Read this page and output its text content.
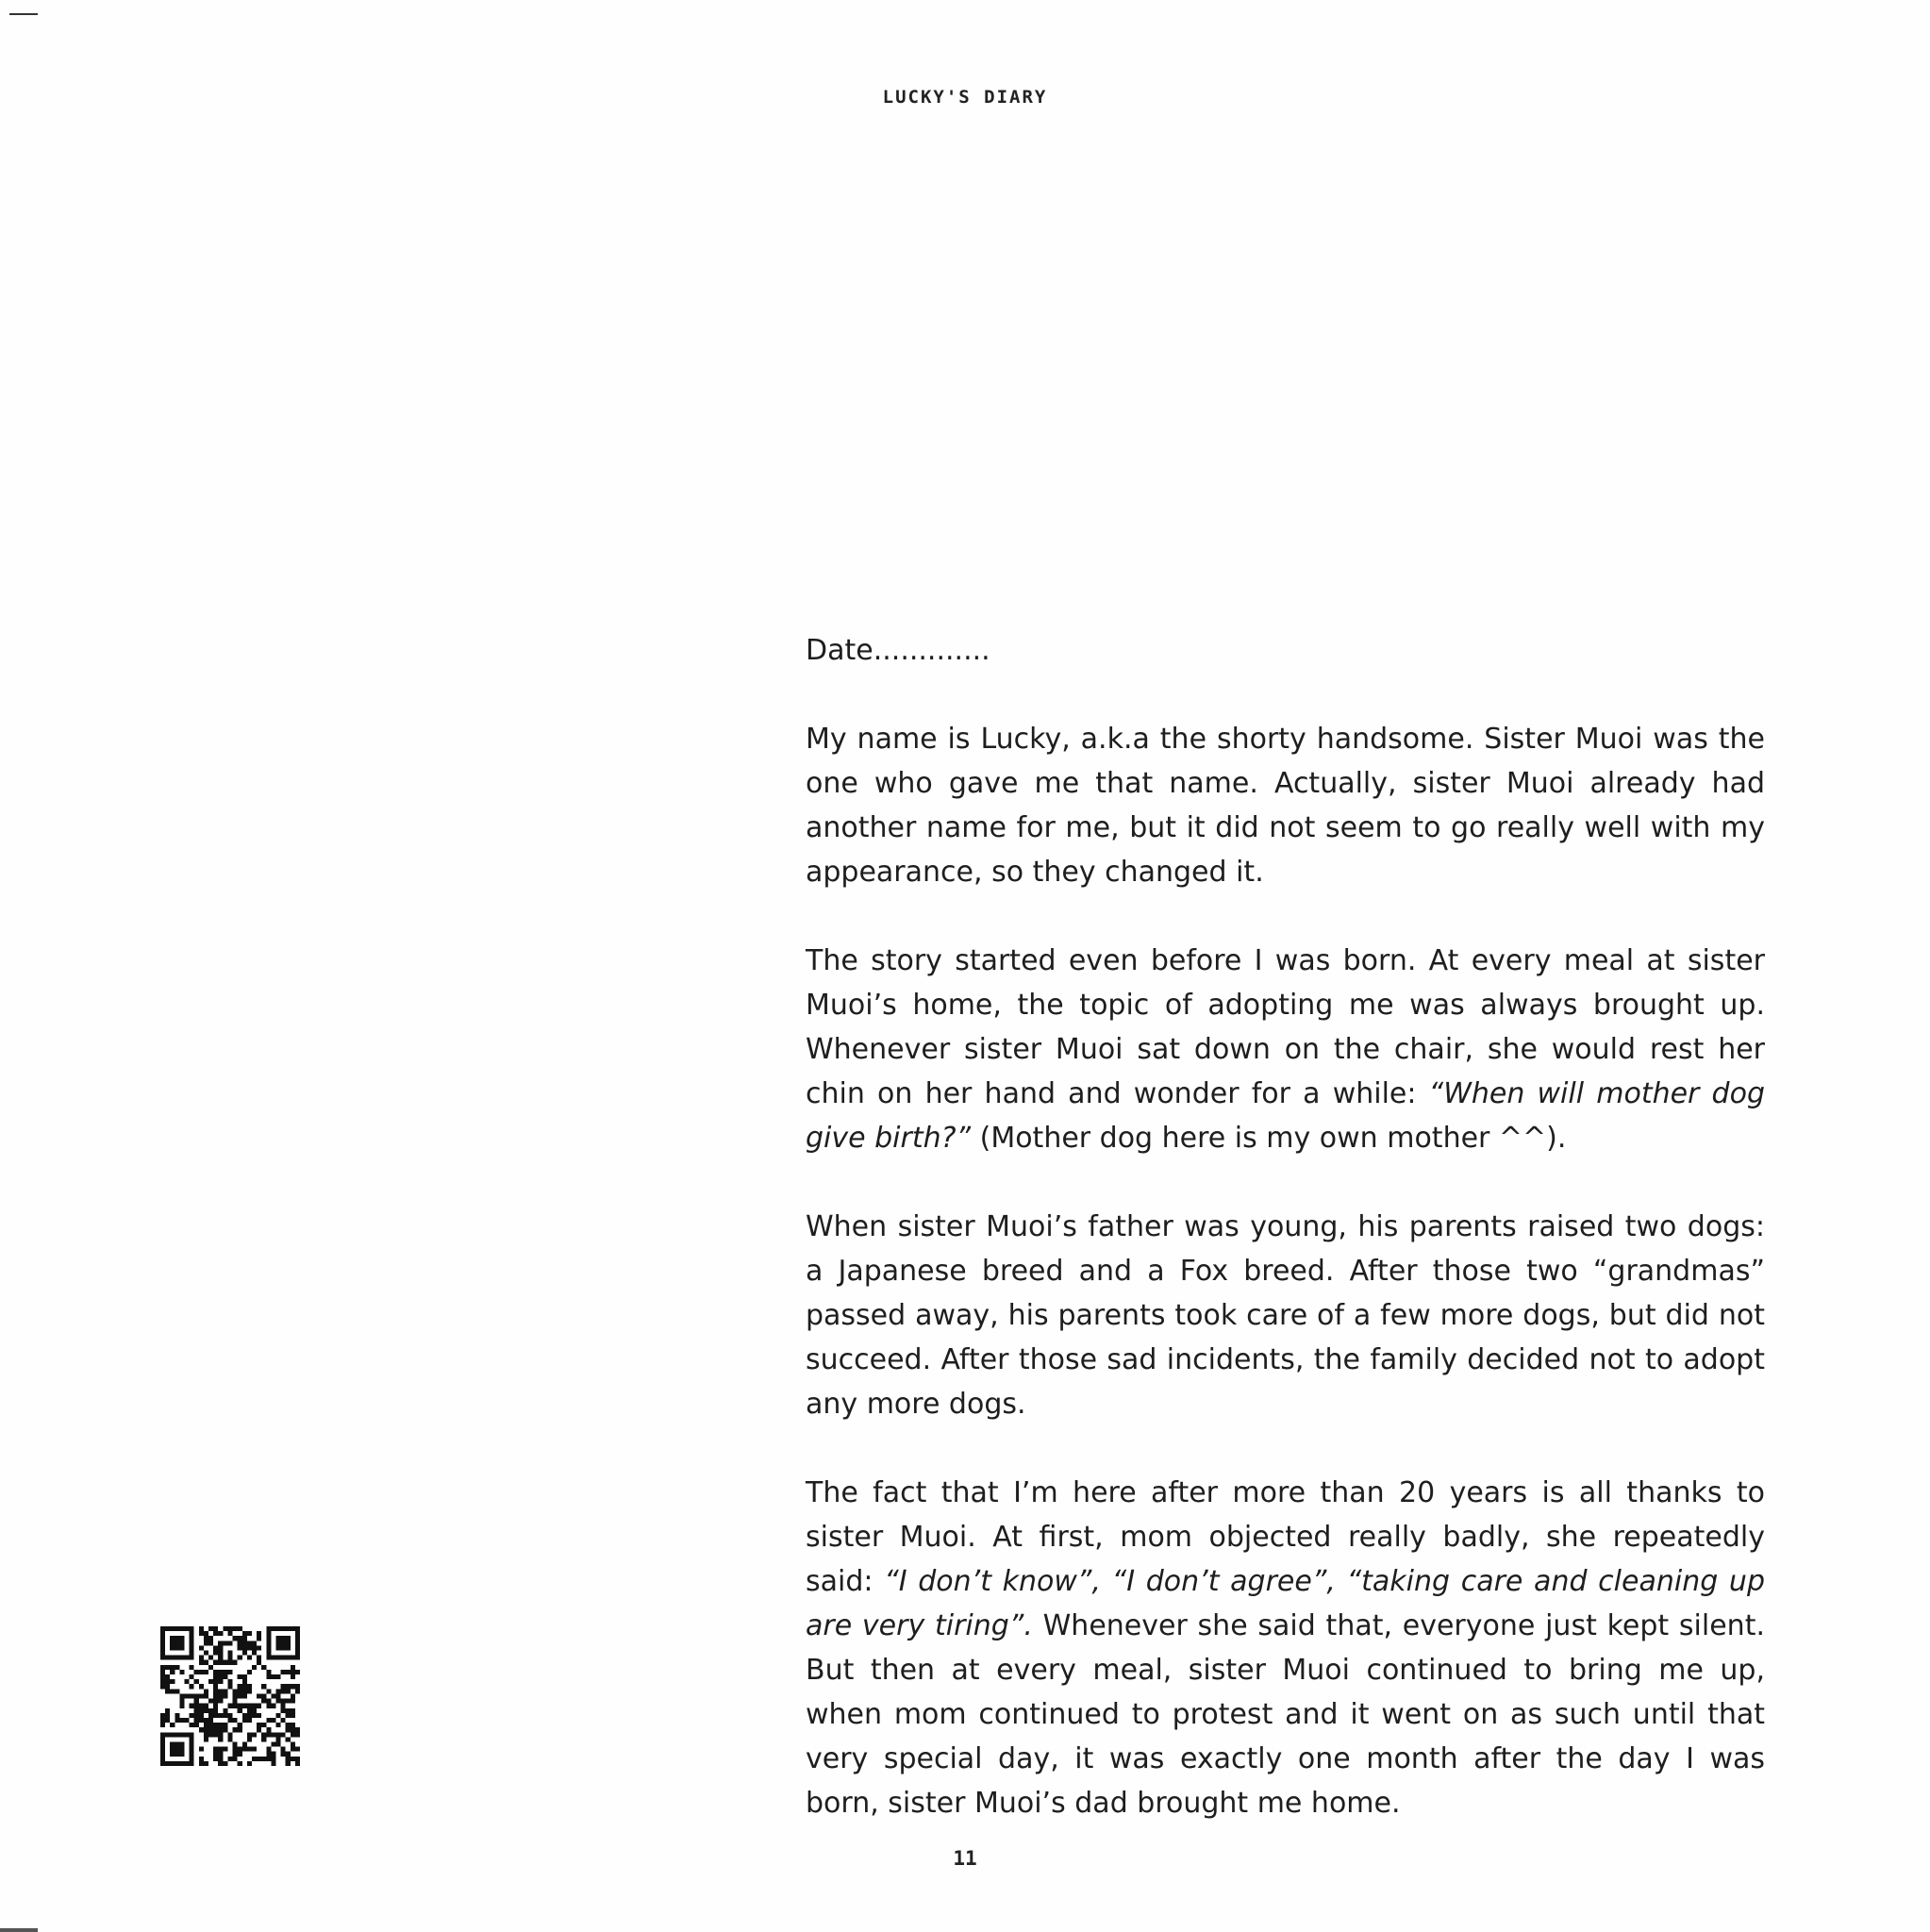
LUCKY'S DIARY
Date.............

My name is Lucky, a.k.a the shorty handsome. Sister Muoi was the one who gave me that name. Actually, sister Muoi already had another name for me, but it did not seem to go really well with my appearance, so they changed it.

The story started even before I was born. At every meal at sister Muoi’s home, the topic of adopting me was always brought up. Whenever sister Muoi sat down on the chair, she would rest her chin on her hand and wonder for a while: “When will mother dog give birth?” (Mother dog here is my own mother ^^).

When sister Muoi’s father was young, his parents raised two dogs: a Japanese breed and a Fox breed. After those two “grandmas” passed away, his parents took care of a few more dogs, but did not succeed. After those sad incidents, the family decided not to adopt any more dogs.

The fact that I’m here after more than 20 years is all thanks to sister Muoi. At first, mom objected really badly, she repeatedly said: “I don’t know”, “I don’t agree”, “taking care and cleaning up are very tiring”. Whenever she said that, everyone just kept silent. But then at every meal, sister Muoi continued to bring me up, when mom continued to protest and it went on as such until that very special day, it was exactly one month after the day I was born, sister Muoi’s dad brought me home.

11
